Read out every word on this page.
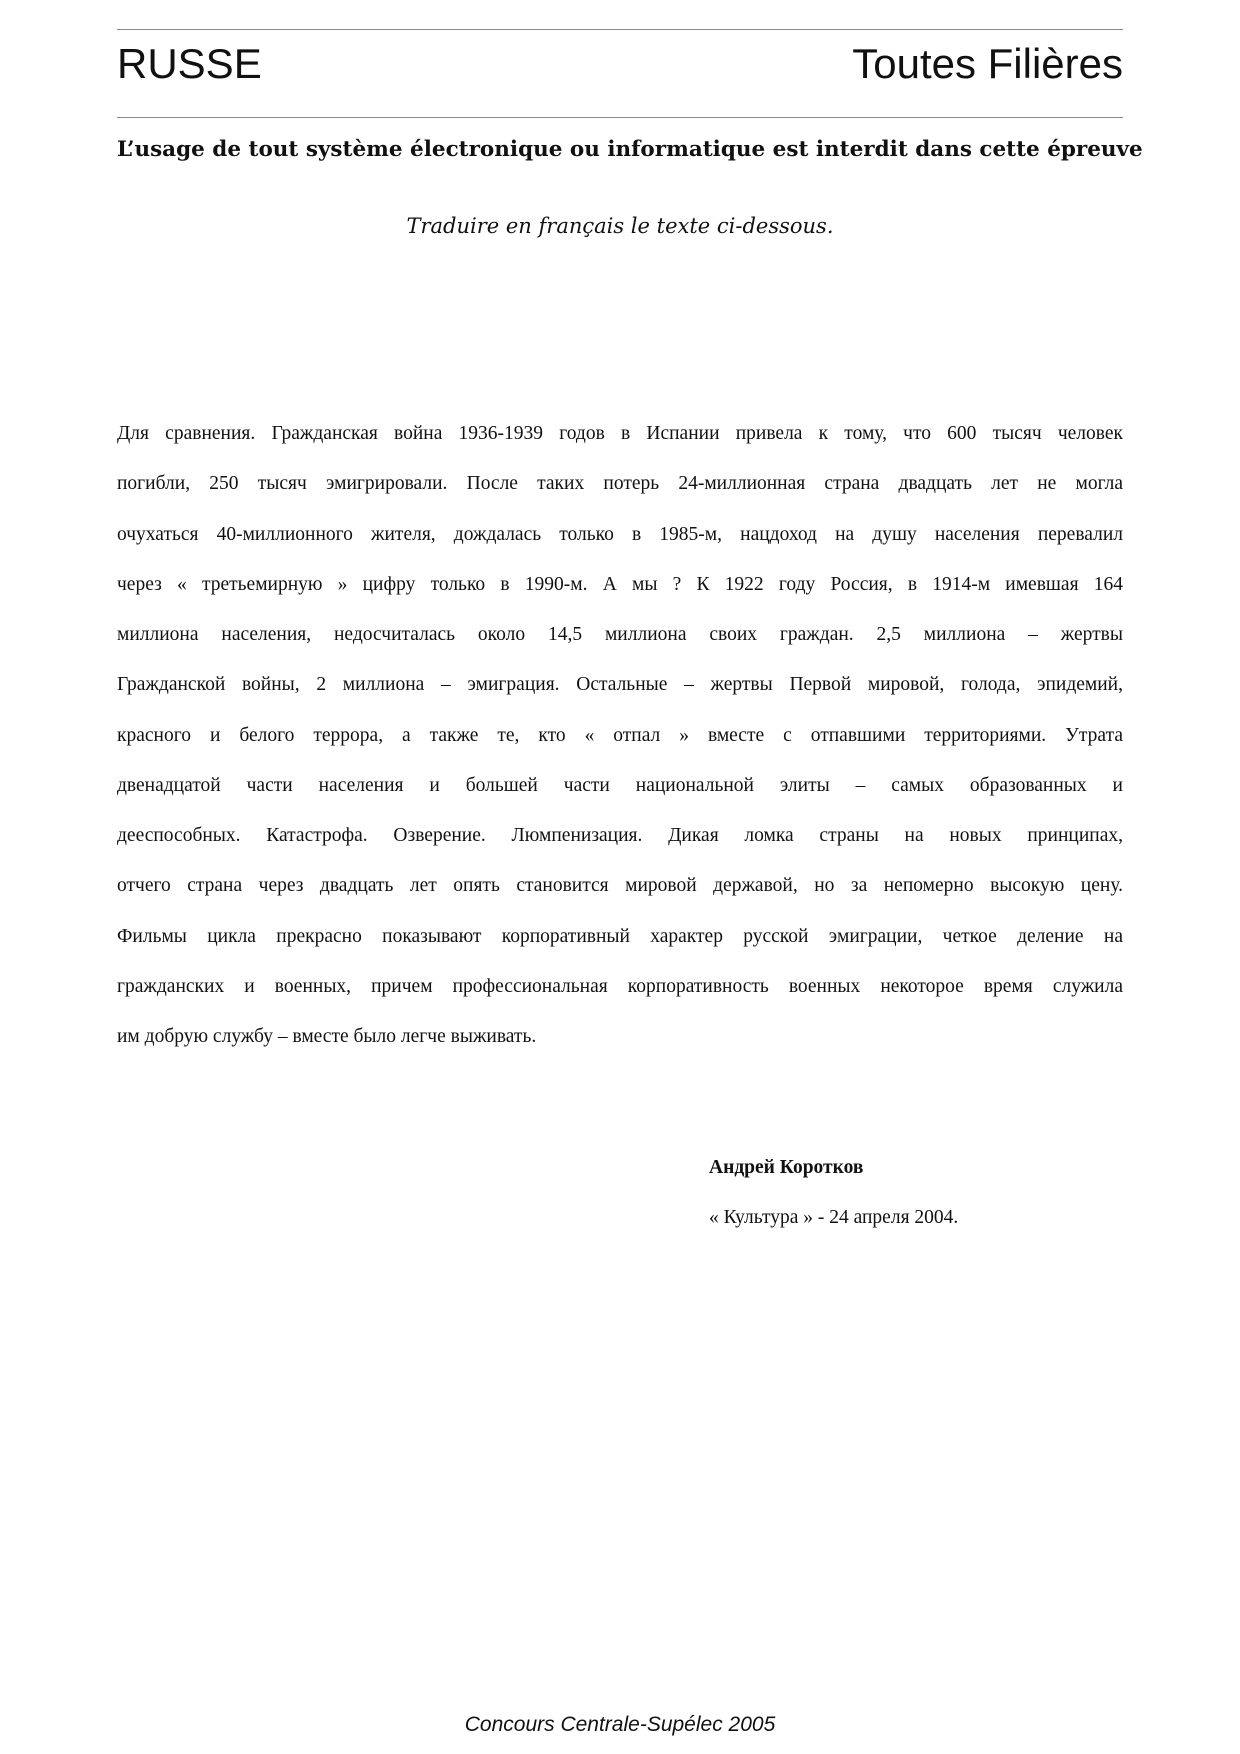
RUSSE	Toutes Filières
L’usage de tout système électronique ou informatique est interdit dans cette épreuve
Traduire en français le texte ci-dessous.
Для сравнения. Гражданская война 1936-1939 годов в Испании привела к тому, что 600 тысяч человек
погибли, 250 тысяч эмигрировали. После таких потерь 24-миллионная страна двадцать лет не могла
очухаться 40-миллионного жителя, дождалась только в 1985-м, нацдоход на душу населения перевалил
через « третьемирную » цифру только в 1990-м. А мы ? К 1922 году Россия, в 1914-м имевшая 164
миллиона населения, недосчиталась около 14,5 миллиона своих граждан. 2,5 миллиона – жертвы
Гражданской войны, 2 миллиона – эмиграция. Остальные – жертвы Первой мировой, голода, эпидемий,
красного и белого террора, а также те, кто « отпал » вместе с отпавшими территориями. Утрата
двенадцатой части населения и большей части национальной элиты – самых образованных и
дееспособных. Катастрофа. Озверение. Люмпенизация. Дикая ломка страны на новых принципах,
отчего страна через двадцать лет опять становится мировой державой, но за непомерно высокую цену.
Фильмы цикла прекрасно показывают корпоративный характер русской эмиграции, четкое деление на
гражданских и военных, причем профессиональная корпоративность военных некоторое время служила
им добрую службу – вместе было легче выживать.
Андрей Коротков
« Культура » - 24 апреля 2004.
Concours Centrale-Supélec 2005
